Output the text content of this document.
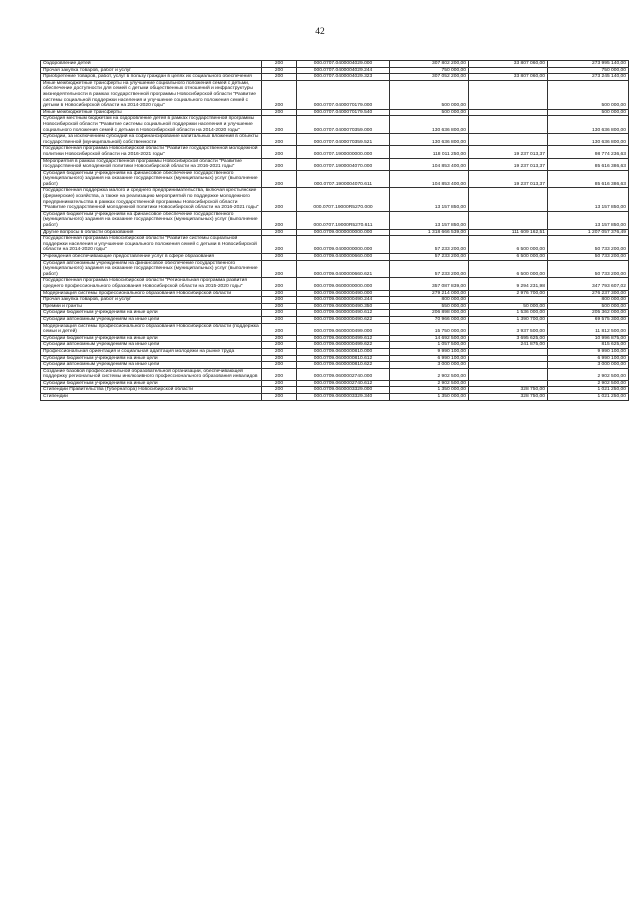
42
Оздоровление детей	200	000.0707.0400004029.000	307 802 200,00	33 807 060,00	273 995 140,00
Прочая закупка товаров, работ и услуг	200	000.0707.0400004029.244	750 000,00		750 000,00
Приобретение товаров, работ, услуг в пользу граждан в целях их социального обеспечения	200	000.0707.0400004029.323	307 052 200,00	33 807 060,00	273 245 140,00
Иные межбюджетные трансферты на улучшение социального положения семей с детьми, обеспечение доступности для семей с детьми общественных отношений и инфраструктуры жизнедеятельности в рамках государственной программы Новосибирской области "Развитие системы социальной поддержки населения и улучшение социального положения семей с детьми в Новосибирской области на 2014-2020 годы"	200	000.0707.0400070179.000	500 000,00		500 000,00
Иные межбюджетные трансферты	200	000.0707.0400070179.540	500 000,00		500 000,00
Субсидия местным бюджетам на оздоровление детей в рамках государственной программы Новосибирской области "Развитие системы социальной поддержки населения и улучшение социального положения семей с детьми в Новосибирской области на 2014-2020 годы"	200	000.0707.0400070359.000	130 636 800,00		130 636 800,00
Субсидии, за исключением субсидий на софинансирование капитальных вложений в объекты государственной (муниципальной) собственности	200	000.0707.0400070359.521	130 636 800,00		130 636 800,00
Государственная программа Новосибирской области "Развитие государственной молодежной политики Новосибирской области на 2016-2021 годы"	200	000.0707.1900000000.000	118 011 250,00	19 237 013,37	98 774 236,63
Мероприятия в рамках государственной программы Новосибирской области "Развитие государственной молодежной политики Новосибирской области на 2016-2021 годы"	200	000.0707.1900004070.000	104 853 400,00	19 237 013,37	85 616 386,63
Субсидия бюджетным учреждениям на финансовое обеспечение государственного (муниципального) задания на оказание государственных (муниципальных) услуг (выполнение работ)	200	000.0707.1900004070.611	104 853 400,00	19 237 013,37	85 616 386,63
Государственная поддержка малого и среднего предпринимательства, включая крестьянские (фермерские) хозяйства, а также на реализацию мероприятий по поддержке молодежного предпринимательства в рамках государственной программы Новосибирской области "Развитие государственной молодежной политики Новосибирской области на 2016-2021 годы"	200	000.0707.19000R5270.000	13 157 850,00		13 157 850,00
Субсидия бюджетным учреждениям на финансовое обеспечение государственного (муниципального) задания на оказание государственных (муниципальных) услуг (выполнение работ)	200	000.0707.19000R5270.611	13 157 850,00		13 157 850,00
Другие вопросы в области образования	200	000.0709.0000000000.000	1 318 666 539,00	111 609 162,51	1 207 057 376,49
Государственная программа Новосибирской области "Развитие системы социальной поддержки населения и улучшение социального положения семей с детьми в Новосибирской области на 2014-2020 годы"	200	000.0709.0400000000.000	57 233 200,00	6 500 000,00	50 733 200,00
Учреждения обеспечивающие предоставление услуг в сфере образования	200	000.0709.0400000660.000	57 233 200,00	6 500 000,00	50 733 200,00
Субсидия автономным учреждениям на финансовое обеспечение государственного (муниципального) задания на оказание государственных (муниципальных) услуг (выполнение работ)	200	000.0709.0400000660.621	57 233 200,00	6 500 000,00	50 733 200,00
Государственная программа Новосибирской области "Региональная программа развития среднего профессионального образования Новосибирской области на 2015-2020 годы"	200	000.0709.0600000000.000	357 087 839,00	9 294 231,98	347 793 607,02
Модернизация системы профессионального образования Новосибирской области	200	000.0709.0600000490.000	279 214 000,00	2 976 700,00	276 237 300,00
Прочая закупка товаров, работ и услуг	200	000.0709.0600000490.244	800 000,00		800 000,00
Премии и гранты	200	000.0709.0600000490.350	550 000,00	50 000,00	500 000,00
Субсидии бюджетным учреждениям на иные цели	200	000.0709.0600000490.612	206 898 000,00	1 536 000,00	205 362 000,00
Субсидии автономным учреждениям на иные цели	200	000.0709.0600000490.622	70 966 000,00	1 390 700,00	69 575 300,00
Модернизация системы профессионального образования Новосибирской области (поддержка семьи и детей)	200	000.0709.0600000499.000	15 750 000,00	3 937 500,00	11 812 500,00
Субсидии бюджетным учреждениям на иные цели	200	000.0709.0600000499.612	14 692 500,00	3 695 625,00	10 996 875,00
Субсидии автономным учреждениям на иные цели	200	000.0709.0600000499.622	1 057 500,00	241 875,00	815 625,00
Профессиональная ориентация и социальная адаптация молодежи на рынке труда	200	000.0709.0600000810.000	9 990 100,00		9 990 100,00
Субсидии бюджетным учреждениям на иные цели	200	000.0709.0600000810.612	6 990 100,00		6 990 100,00
Субсидии автономным учреждениям на иные цели	200	000.0709.0600000810.622	3 000 000,00		3 000 000,00
Создание базовой профессиональной образовательной организации, обеспечивающей поддержку региональной системы инклюзивного профессионального образования инвалидов	200	000.0709.0600002740.000	2 902 500,00		2 902 500,00
Субсидии бюджетным учреждениям на иные цели	200	000.0709.0600002740.612	2 902 500,00		2 902 500,00
Стипендии Правительства (Губернатора) Новосибирской области	200	000.0709.0600003329.000	1 350 000,00	328 750,00	1 021 250,00
Стипендии	200	000.0709.0600003329.340	1 350 000,00	328 750,00	1 021 250,00
